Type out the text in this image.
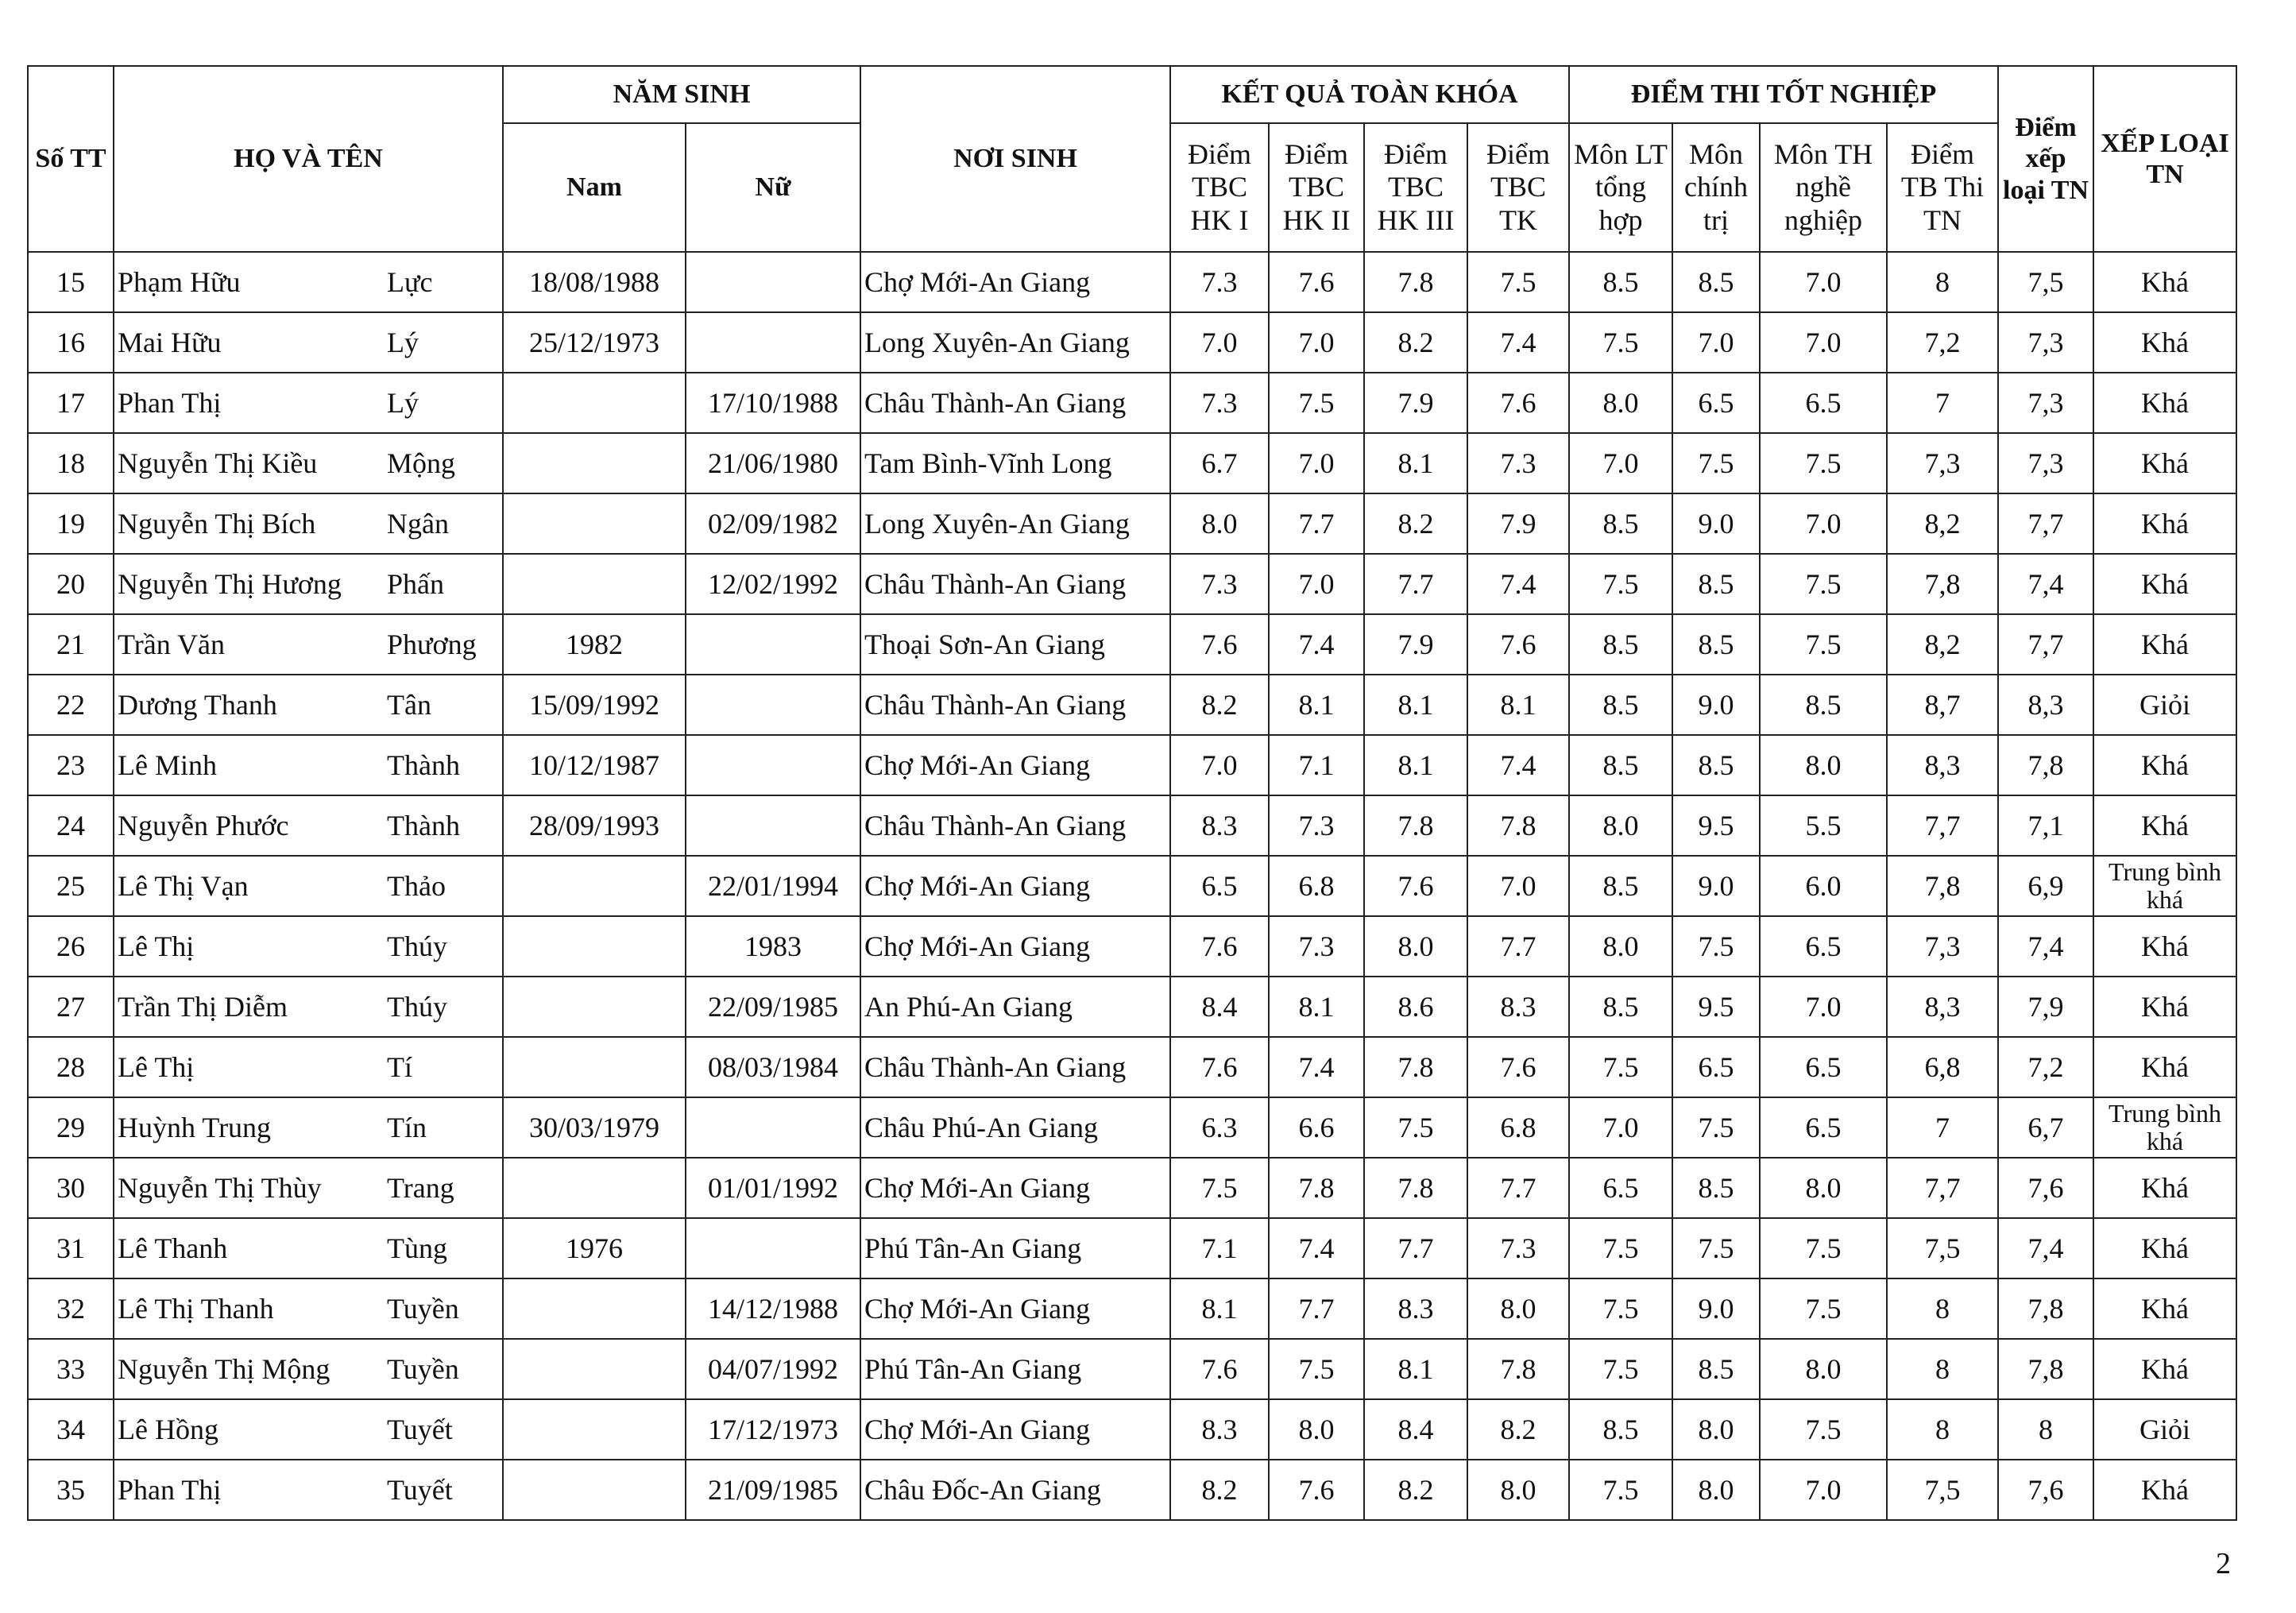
Số TT	HỌ VÀ TÊN		NĂM SINH		NƠI SINH	KẾT QUẢ TOÀN KHÓA				ĐIỂM THI TỐT NGHIỆP				Điểm xếp loại TN	XẾP LOẠI TN
			Nam	Nữ		Điểm TBC HK I	Điểm TBC HK II	Điểm TBC HK III	Điểm TBC TK	Môn LT tổng hợp	Môn chính trị	Môn TH nghề nghiệp	Điểm TB Thi TN		
15	Phạm Hữu	Lực	18/08/1988		Chợ Mới-An Giang	7.3	7.6	7.8	7.5	8.5	8.5	7.0	8	7,5	Khá
16	Mai Hữu	Lý	25/12/1973		Long Xuyên-An Giang	7.0	7.0	8.2	7.4	7.5	7.0	7.0	7,2	7,3	Khá
17	Phan Thị	Lý		17/10/1988	Châu Thành-An Giang	7.3	7.5	7.9	7.6	8.0	6.5	6.5	7	7,3	Khá
18	Nguyễn Thị Kiều	Mộng		21/06/1980	Tam Bình-Vĩnh Long	6.7	7.0	8.1	7.3	7.0	7.5	7.5	7,3	7,3	Khá
19	Nguyễn Thị Bích	Ngân		02/09/1982	Long Xuyên-An Giang	8.0	7.7	8.2	7.9	8.5	9.0	7.0	8,2	7,7	Khá
20	Nguyễn Thị Hương	Phấn		12/02/1992	Châu Thành-An Giang	7.3	7.0	7.7	7.4	7.5	8.5	7.5	7,8	7,4	Khá
21	Trần Văn	Phương	1982		Thoại Sơn-An Giang	7.6	7.4	7.9	7.6	8.5	8.5	7.5	8,2	7,7	Khá
22	Dương Thanh	Tân	15/09/1992		Châu Thành-An Giang	8.2	8.1	8.1	8.1	8.5	9.0	8.5	8,7	8,3	Giỏi
23	Lê Minh	Thành	10/12/1987		Chợ Mới-An Giang	7.0	7.1	8.1	7.4	8.5	8.5	8.0	8,3	7,8	Khá
24	Nguyễn Phước	Thành	28/09/1993		Châu Thành-An Giang	8.3	7.3	7.8	7.8	8.0	9.5	5.5	7,7	7,1	Khá
25	Lê Thị Vạn	Thảo		22/01/1994	Chợ Mới-An Giang	6.5	6.8	7.6	7.0	8.5	9.0	6.0	7,8	6,9	Trung bình khá
26	Lê Thị	Thúy		1983	Chợ Mới-An Giang	7.6	7.3	8.0	7.7	8.0	7.5	6.5	7,3	7,4	Khá
27	Trần Thị Diễm	Thúy		22/09/1985	An Phú-An Giang	8.4	8.1	8.6	8.3	8.5	9.5	7.0	8,3	7,9	Khá
28	Lê Thị	Tí		08/03/1984	Châu Thành-An Giang	7.6	7.4	7.8	7.6	7.5	6.5	6.5	6,8	7,2	Khá
29	Huỳnh Trung	Tín	30/03/1979		Châu Phú-An Giang	6.3	6.6	7.5	6.8	7.0	7.5	6.5	7	6,7	Trung bình khá
30	Nguyễn Thị Thùy	Trang		01/01/1992	Chợ Mới-An Giang	7.5	7.8	7.8	7.7	6.5	8.5	8.0	7,7	7,6	Khá
31	Lê Thanh	Tùng	1976		Phú Tân-An Giang	7.1	7.4	7.7	7.3	7.5	7.5	7.5	7,5	7,4	Khá
32	Lê Thị Thanh	Tuyền		14/12/1988	Chợ Mới-An Giang	8.1	7.7	8.3	8.0	7.5	9.0	7.5	8	7,8	Khá
33	Nguyễn Thị Mộng	Tuyền		04/07/1992	Phú Tân-An Giang	7.6	7.5	8.1	7.8	7.5	8.5	8.0	8	7,8	Khá
34	Lê Hồng	Tuyết		17/12/1973	Chợ Mới-An Giang	8.3	8.0	8.4	8.2	8.5	8.0	7.5	8	8	Giỏi
35	Phan Thị	Tuyết		21/09/1985	Châu Đốc-An Giang	8.2	7.6	8.2	8.0	7.5	8.0	7.0	7,5	7,6	Khá
2
